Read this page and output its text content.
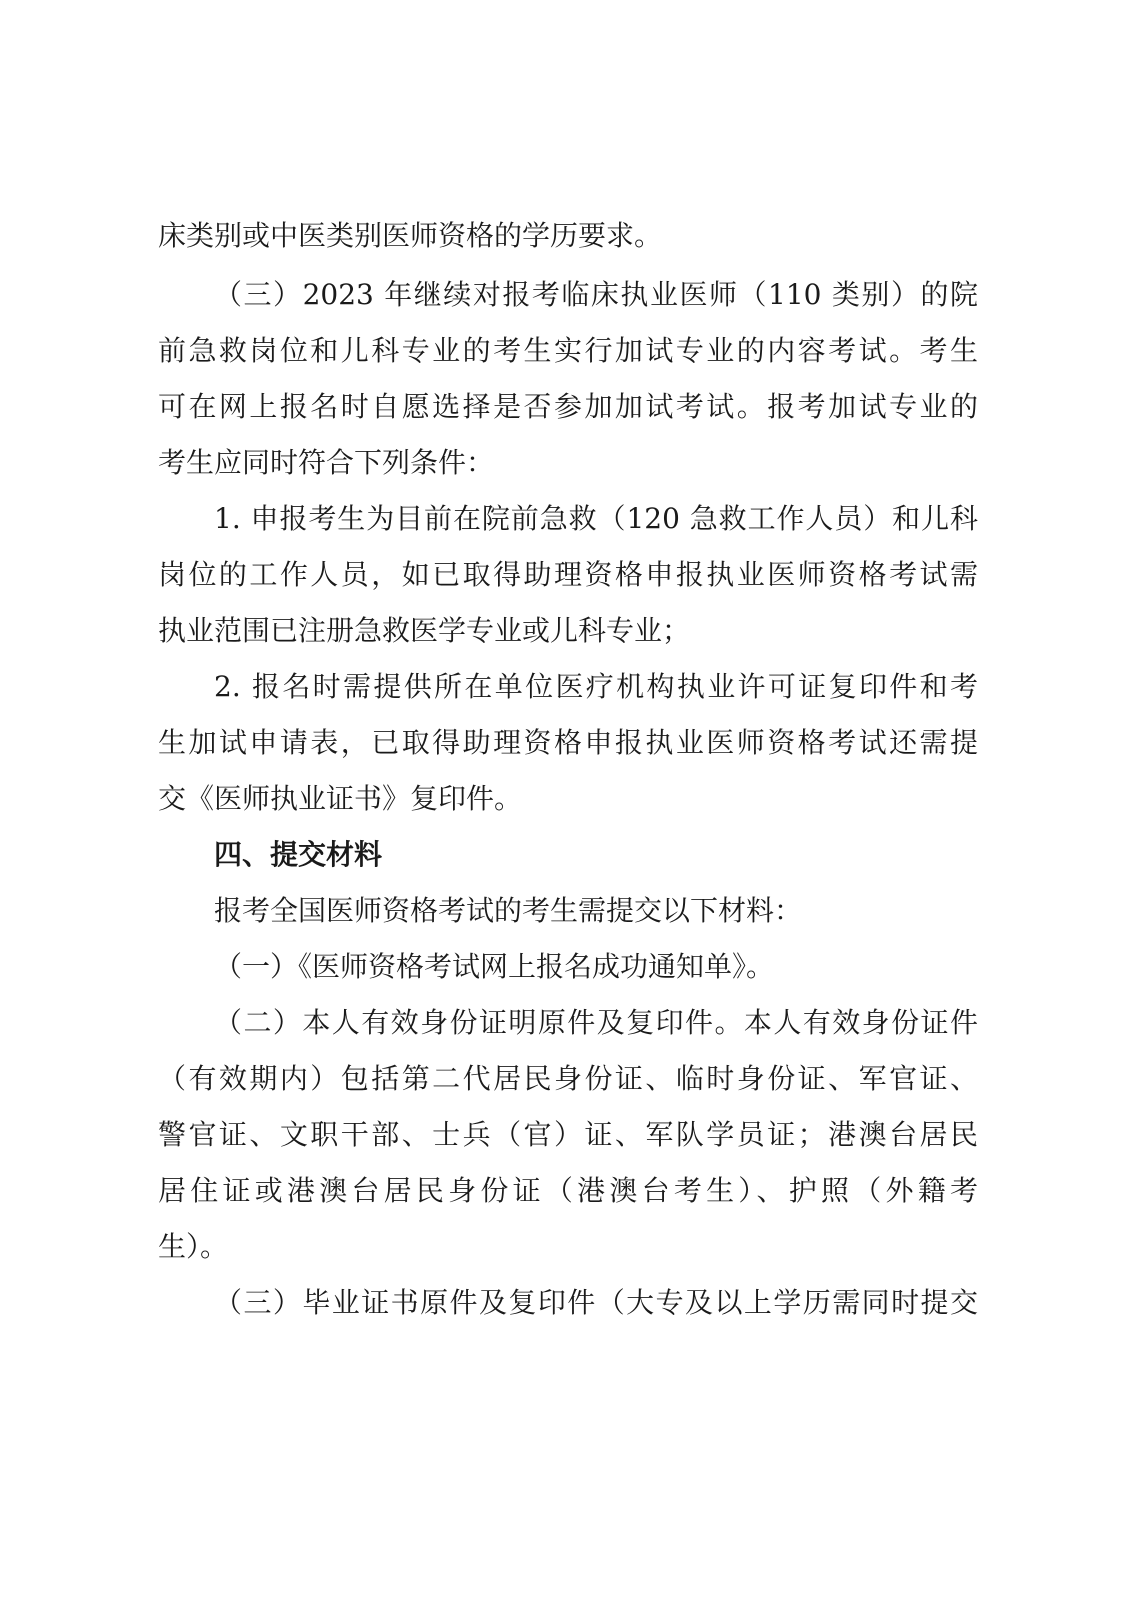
床类别或中医类别医师资格的学历要求。
（三）2023 年继续对报考临床执业医师（110 类别）的院
前急救岗位和儿科专业的考生实行加试专业的内容考试。考生
可在网上报名时自愿选择是否参加加试考试。报考加试专业的
考生应同时符合下列条件：
1. 申报考生为目前在院前急救（120 急救工作人员）和儿科
岗位的工作人员，如已取得助理资格申报执业医师资格考试需
执业范围已注册急救医学专业或儿科专业；
2. 报名时需提供所在单位医疗机构执业许可证复印件和考
生加试申请表，已取得助理资格申报执业医师资格考试还需提
交《医师执业证书》复印件。
四、提交材料
报考全国医师资格考试的考生需提交以下材料：
（一）《医师资格考试网上报名成功通知单》。
（二）本人有效身份证明原件及复印件。本人有效身份证件
（有效期内）包括第二代居民身份证、临时身份证、军官证、
警官证、文职干部、士兵（官）证、军队学员证；港澳台居民
居住证或港澳台居民身份证（港澳台考生）、护照（外籍考
生）。
（三）毕业证书原件及复印件（大专及以上学历需同时提交
